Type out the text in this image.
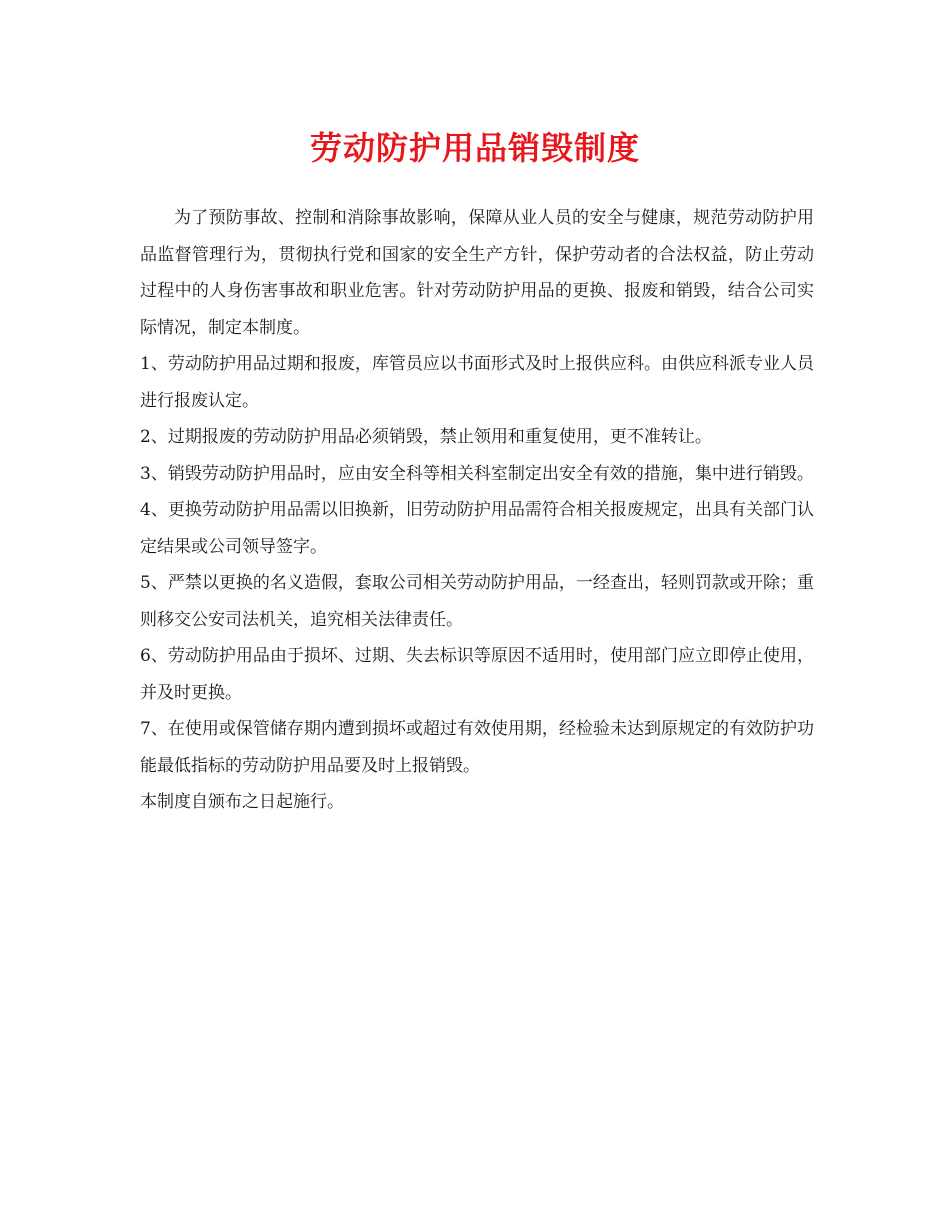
劳动防护用品销毁制度

为了预防事故、控制和消除事故影响，保障从业人员的安全与健康，规范劳动防护用品监督管理行为，贯彻执行党和国家的安全生产方针，保护劳动者的合法权益，防止劳动过程中的人身伤害事故和职业危害。针对劳动防护用品的更换、报废和销毁，结合公司实际情况，制定本制度。

1、劳动防护用品过期和报废，库管员应以书面形式及时上报供应科。由供应科派专业人员进行报废认定。

2、过期报废的劳动防护用品必须销毁，禁止领用和重复使用，更不准转让。

3、销毁劳动防护用品时，应由安全科等相关科室制定出安全有效的措施，集中进行销毁。

4、更换劳动防护用品需以旧换新，旧劳动防护用品需符合相关报废规定，出具有关部门认定结果或公司领导签字。

5、严禁以更换的名义造假，套取公司相关劳动防护用品，一经查出，轻则罚款或开除；重则移交公安司法机关，追究相关法律责任。

6、劳动防护用品由于损坏、过期、失去标识等原因不适用时，使用部门应立即停止使用，并及时更换。

7、在使用或保管储存期内遭到损坏或超过有效使用期，经检验未达到原规定的有效防护功能最低指标的劳动防护用品要及时上报销毁。

本制度自颁布之日起施行。
